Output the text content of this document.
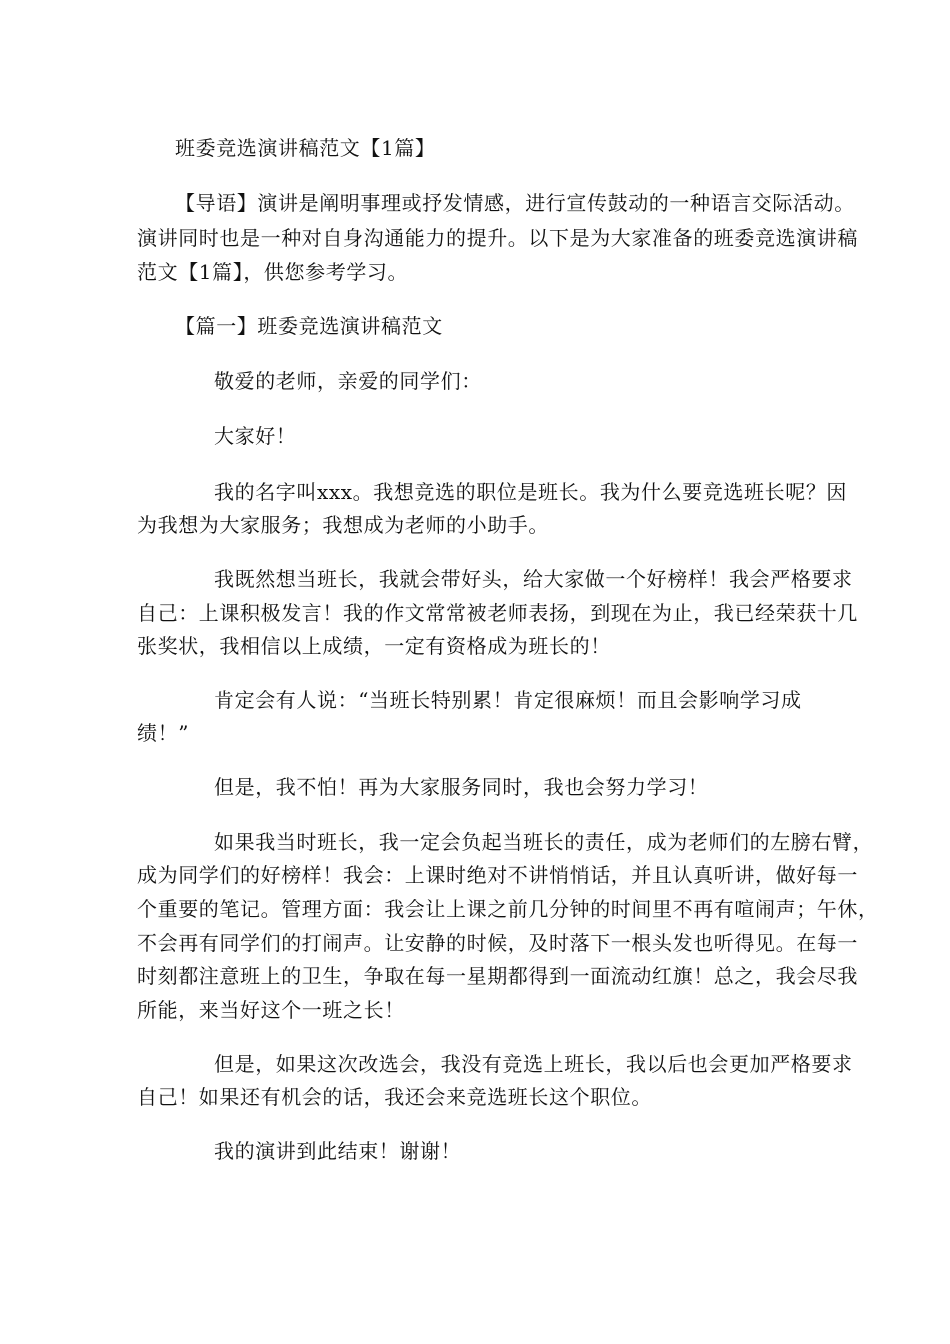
班委竞选演讲稿范文【1篇】
【导语】演讲是阐明事理或抒发情感，进行宣传鼓动的一种语言交际活动。
演讲同时也是一种对自身沟通能力的提升。以下是为大家准备的班委竞选演讲稿
范文【1篇】，供您参考学习。
【篇一】班委竞选演讲稿范文
敬爱的老师，亲爱的同学们：
大家好！
我的名字叫xxx。我想竞选的职位是班长。我为什么要竞选班长呢？因
为我想为大家服务；我想成为老师的小助手。
我既然想当班长，我就会带好头，给大家做一个好榜样！我会严格要求
自己：上课积极发言！我的作文常常被老师表扬，到现在为止，我已经荣获十几
张奖状，我相信以上成绩，一定有资格成为班长的！
肯定会有人说：“当班长特别累！肯定很麻烦！而且会影响学习成
绩！”
但是，我不怕！再为大家服务同时，我也会努力学习！
如果我当时班长，我一定会负起当班长的责任，成为老师们的左膀右臂，
成为同学们的好榜样！我会：上课时绝对不讲悄悄话，并且认真听讲，做好每一
个重要的笔记。管理方面：我会让上课之前几分钟的时间里不再有喧闹声；午休，
不会再有同学们的打闹声。让安静的时候，及时落下一根头发也听得见。在每一
时刻都注意班上的卫生，争取在每一星期都得到一面流动红旗！总之，我会尽我
所能，来当好这个一班之长！
但是，如果这次改选会，我没有竞选上班长，我以后也会更加严格要求
自己！如果还有机会的话，我还会来竞选班长这个职位。
我的演讲到此结束！谢谢！
